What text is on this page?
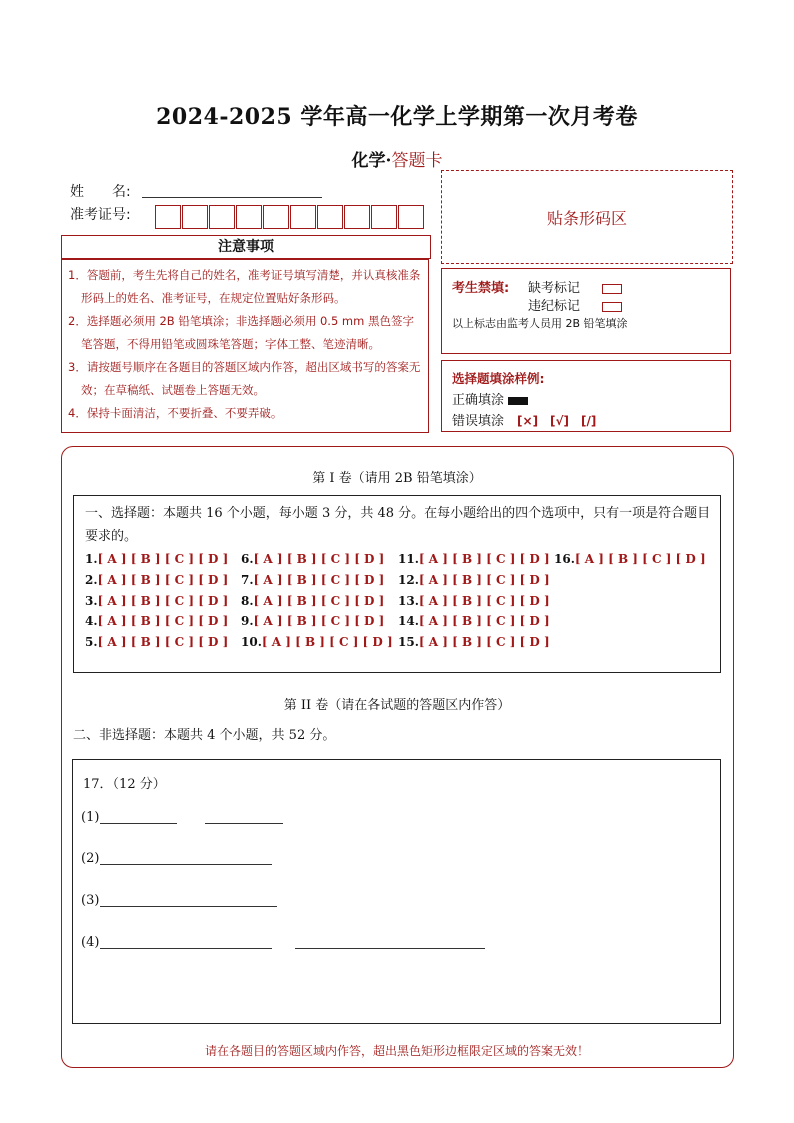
2024-2025 学年高一化学上学期第一次月考卷
化学·答题卡
姓　　名:
准考证号:	贴条形码区
注意事项
1．答题前，考生先将自己的姓名，准考证号填写清楚，并认真核准条形码上的姓名、准考证号，在规定位置贴好条形码。
2．选择题必须用 2B 铅笔填涂；非选择题必须用 0.5 mm 黑色签字笔答题，不得用铅笔或圆珠笔答题；字体工整、笔迹清晰。
3．请按题号顺序在各题目的答题区域内作答，超出区域书写的答案无效；在草稿纸、试题卷上答题无效。
4．保持卡面清洁，不要折叠、不要弄破。
考生禁填: 缺考标记
违纪标记
以上标志由监考人员用 2B 铅笔填涂
选择题填涂样例:
正确填涂
错误填涂　 [×]　[√]　[/]
第 I 卷（请用 2B 铅笔填涂）
一、选择题：本题共 16 个小题，每小题 3 分，共 48 分。在每小题给出的四个选项中，只有一项是符合题目要求的。
1.[ A ] [ B ] [ C ] [ D ]
2.[ A ] [ B ] [ C ] [ D ]
3.[ A ] [ B ] [ C ] [ D ]
4.[ A ] [ B ] [ C ] [ D ]
5.[ A ] [ B ] [ C ] [ D ]
6.[ A ] [ B ] [ C ] [ D ]
7.[ A ] [ B ] [ C ] [ D ]
8.[ A ] [ B ] [ C ] [ D ]
9.[ A ] [ B ] [ C ] [ D ]
10.[ A ] [ B ] [ C ] [ D ]
11.[ A ] [ B ] [ C ] [ D ]
12.[ A ] [ B ] [ C ] [ D ]
13.[ A ] [ B ] [ C ] [ D ]
14.[ A ] [ B ] [ C ] [ D ]
15.[ A ] [ B ] [ C ] [ D ]
16.[ A ] [ B ] [ C ] [ D ]
第 II 卷（请在各试题的答题区内作答）
二、非选择题：本题共 4 个小题，共 52 分。
17．（12 分）
(1)
(2)
(3)
(4)
请在各题目的答题区域内作答，超出黑色矩形边框限定区域的答案无效！
